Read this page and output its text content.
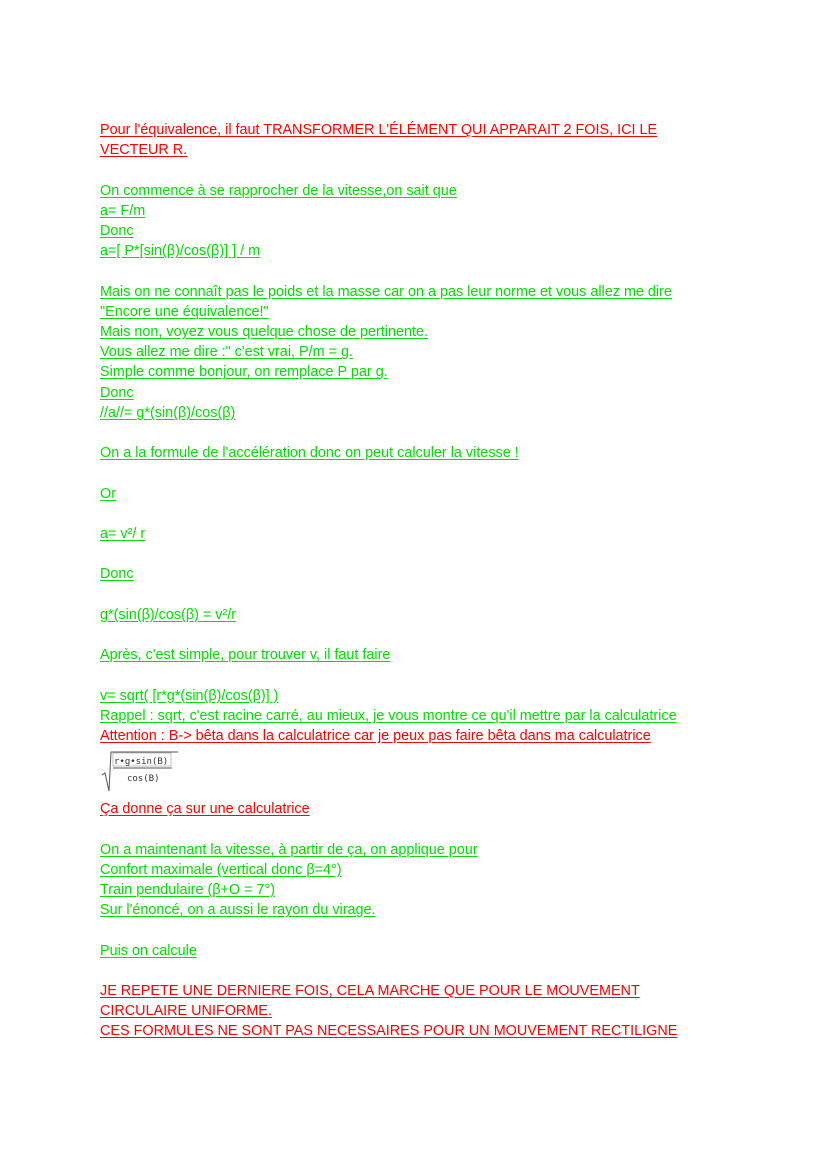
Pour l'équivalence, il faut TRANSFORMER L'ÉLÉMENT QUI APPARAIT 2 FOIS, ICI LE
VECTEUR R.
On commence à se rapprocher de la vitesse,on sait que
a= F/m
Donc
a=[ P*[sin(β)/cos(β)] ] / m
Mais on ne connaît pas le poids et la masse car on a pas leur norme et vous allez me dire
"Encore une équivalence!"
Mais non, voyez vous quelque chose de pertinente.
Vous allez me dire :" c'est vrai, P/m = g.
Simple comme bonjour, on remplace P par g.
Donc
//a//= g*(sin(β)/cos(β)
On a la formule de l'accélération donc on peut calculer la vitesse !
Or
a= v²/ r
Donc
g*(sin(β)/cos(β) = v²/r
Après, c'est simple, pour trouver v, il faut faire
v= sqrt( [r*g*(sin(β)/cos(β)] )
Rappel : sqrt, c'est racine carré, au mieux, je vous montre ce qu'il mettre par la calculatrice
Attention : B-> bêta dans la calculatrice car je peux pas faire bêta dans ma calculatrice
r•g•sin(B)
cos(B)
Ça donne ça sur une calculatrice
On a maintenant la vitesse, à partir de ça, on applique pour
Confort maximale (vertical donc β=4°)
Train pendulaire (β+O = 7°)
Sur l'énoncé, on a aussi le rayon du virage.
Puis on calcule
JE REPETE UNE DERNIERE FOIS, CELA MARCHE QUE POUR LE MOUVEMENT
CIRCULAIRE UNIFORME.
CES FORMULES NE SONT PAS NECESSAIRES POUR UN MOUVEMENT RECTILIGNE
